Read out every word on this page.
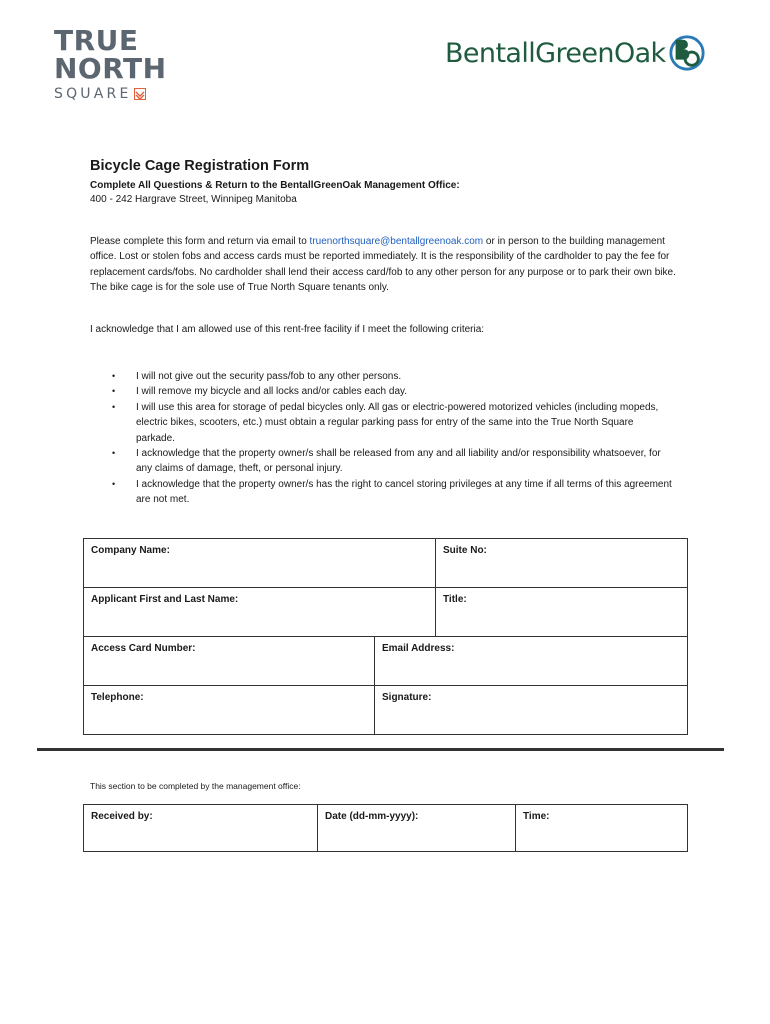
TRUE
NORTH
SQUARE
BentallGreenOak
Bicycle Cage Registration Form
Complete All Questions & Return to the BentallGreenOak Management Office:
400 - 242 Hargrave Street, Winnipeg Manitoba
Please complete this form and return via email to truenorthsquare@bentallgreenoak.com or in person to the building management office. Lost or stolen fobs and access cards must be reported immediately. It is the responsibility of the cardholder to pay the fee for replacement cards/fobs. No cardholder shall lend their access card/fob to any other person for any purpose or to park their own bike. The bike cage is for the sole use of True North Square tenants only.
I acknowledge that I am allowed use of this rent-free facility if I meet the following criteria:
• I will not give out the security pass/fob to any other persons.
• I will remove my bicycle and all locks and/or cables each day.
• I will use this area for storage of pedal bicycles only. All gas or electric-powered motorized vehicles (including mopeds, electric bikes, scooters, etc.) must obtain a regular parking pass for entry of the same into the True North Square parkade.
• I acknowledge that the property owner/s shall be released from any and all liability and/or responsibility whatsoever, for any claims of damage, theft, or personal injury.
• I acknowledge that the property owner/s has the right to cancel storing privileges at any time if all terms of this agreement are not met.
Company Name:	Suite No:
Applicant First and Last Name:	Title:
Access Card Number:	Email Address:
Telephone:	Signature:
This section to be completed by the management office:
Received by:	Date (dd-mm-yyyy):	Time:
